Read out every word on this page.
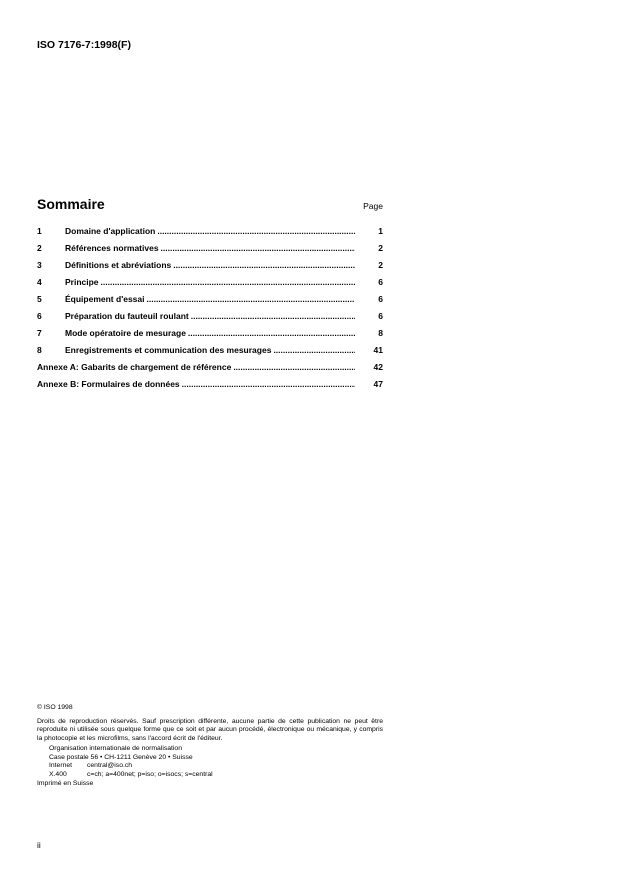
ISO 7176-7:1998(F)
Sommaire	Page
1	Domaine d'application .....	1
2	Références normatives .....	2
3	Définitions et abréviations .....	2
4	Principe .....	6
5	Équipement d'essai .....	6
6	Préparation du fauteuil roulant .....	6
7	Mode opératoire de mesurage .....	8
8	Enregistrements et communication des mesurages .....	41
Annexe A: Gabarits de chargement de référence .....	42
Annexe B: Formulaires de données .....	47

© ISO 1998

Droits de reproduction réservés. Sauf prescription différente, aucune partie de cette publication ne peut être reproduite ni utilisée sous quelque forme que ce soit et par aucun procédé, électronique ou mécanique, y compris la photocopie et les microfilms, sans l'accord écrit de l'éditeur.

Organisation internationale de normalisation

Case postale 56 • CH-1211 Genève 20 • Suisse

Internet central@iso.ch

X.400	c=ch; a=400net; p=iso; o=isocs; s=central

Imprimé en Suisse

ii
